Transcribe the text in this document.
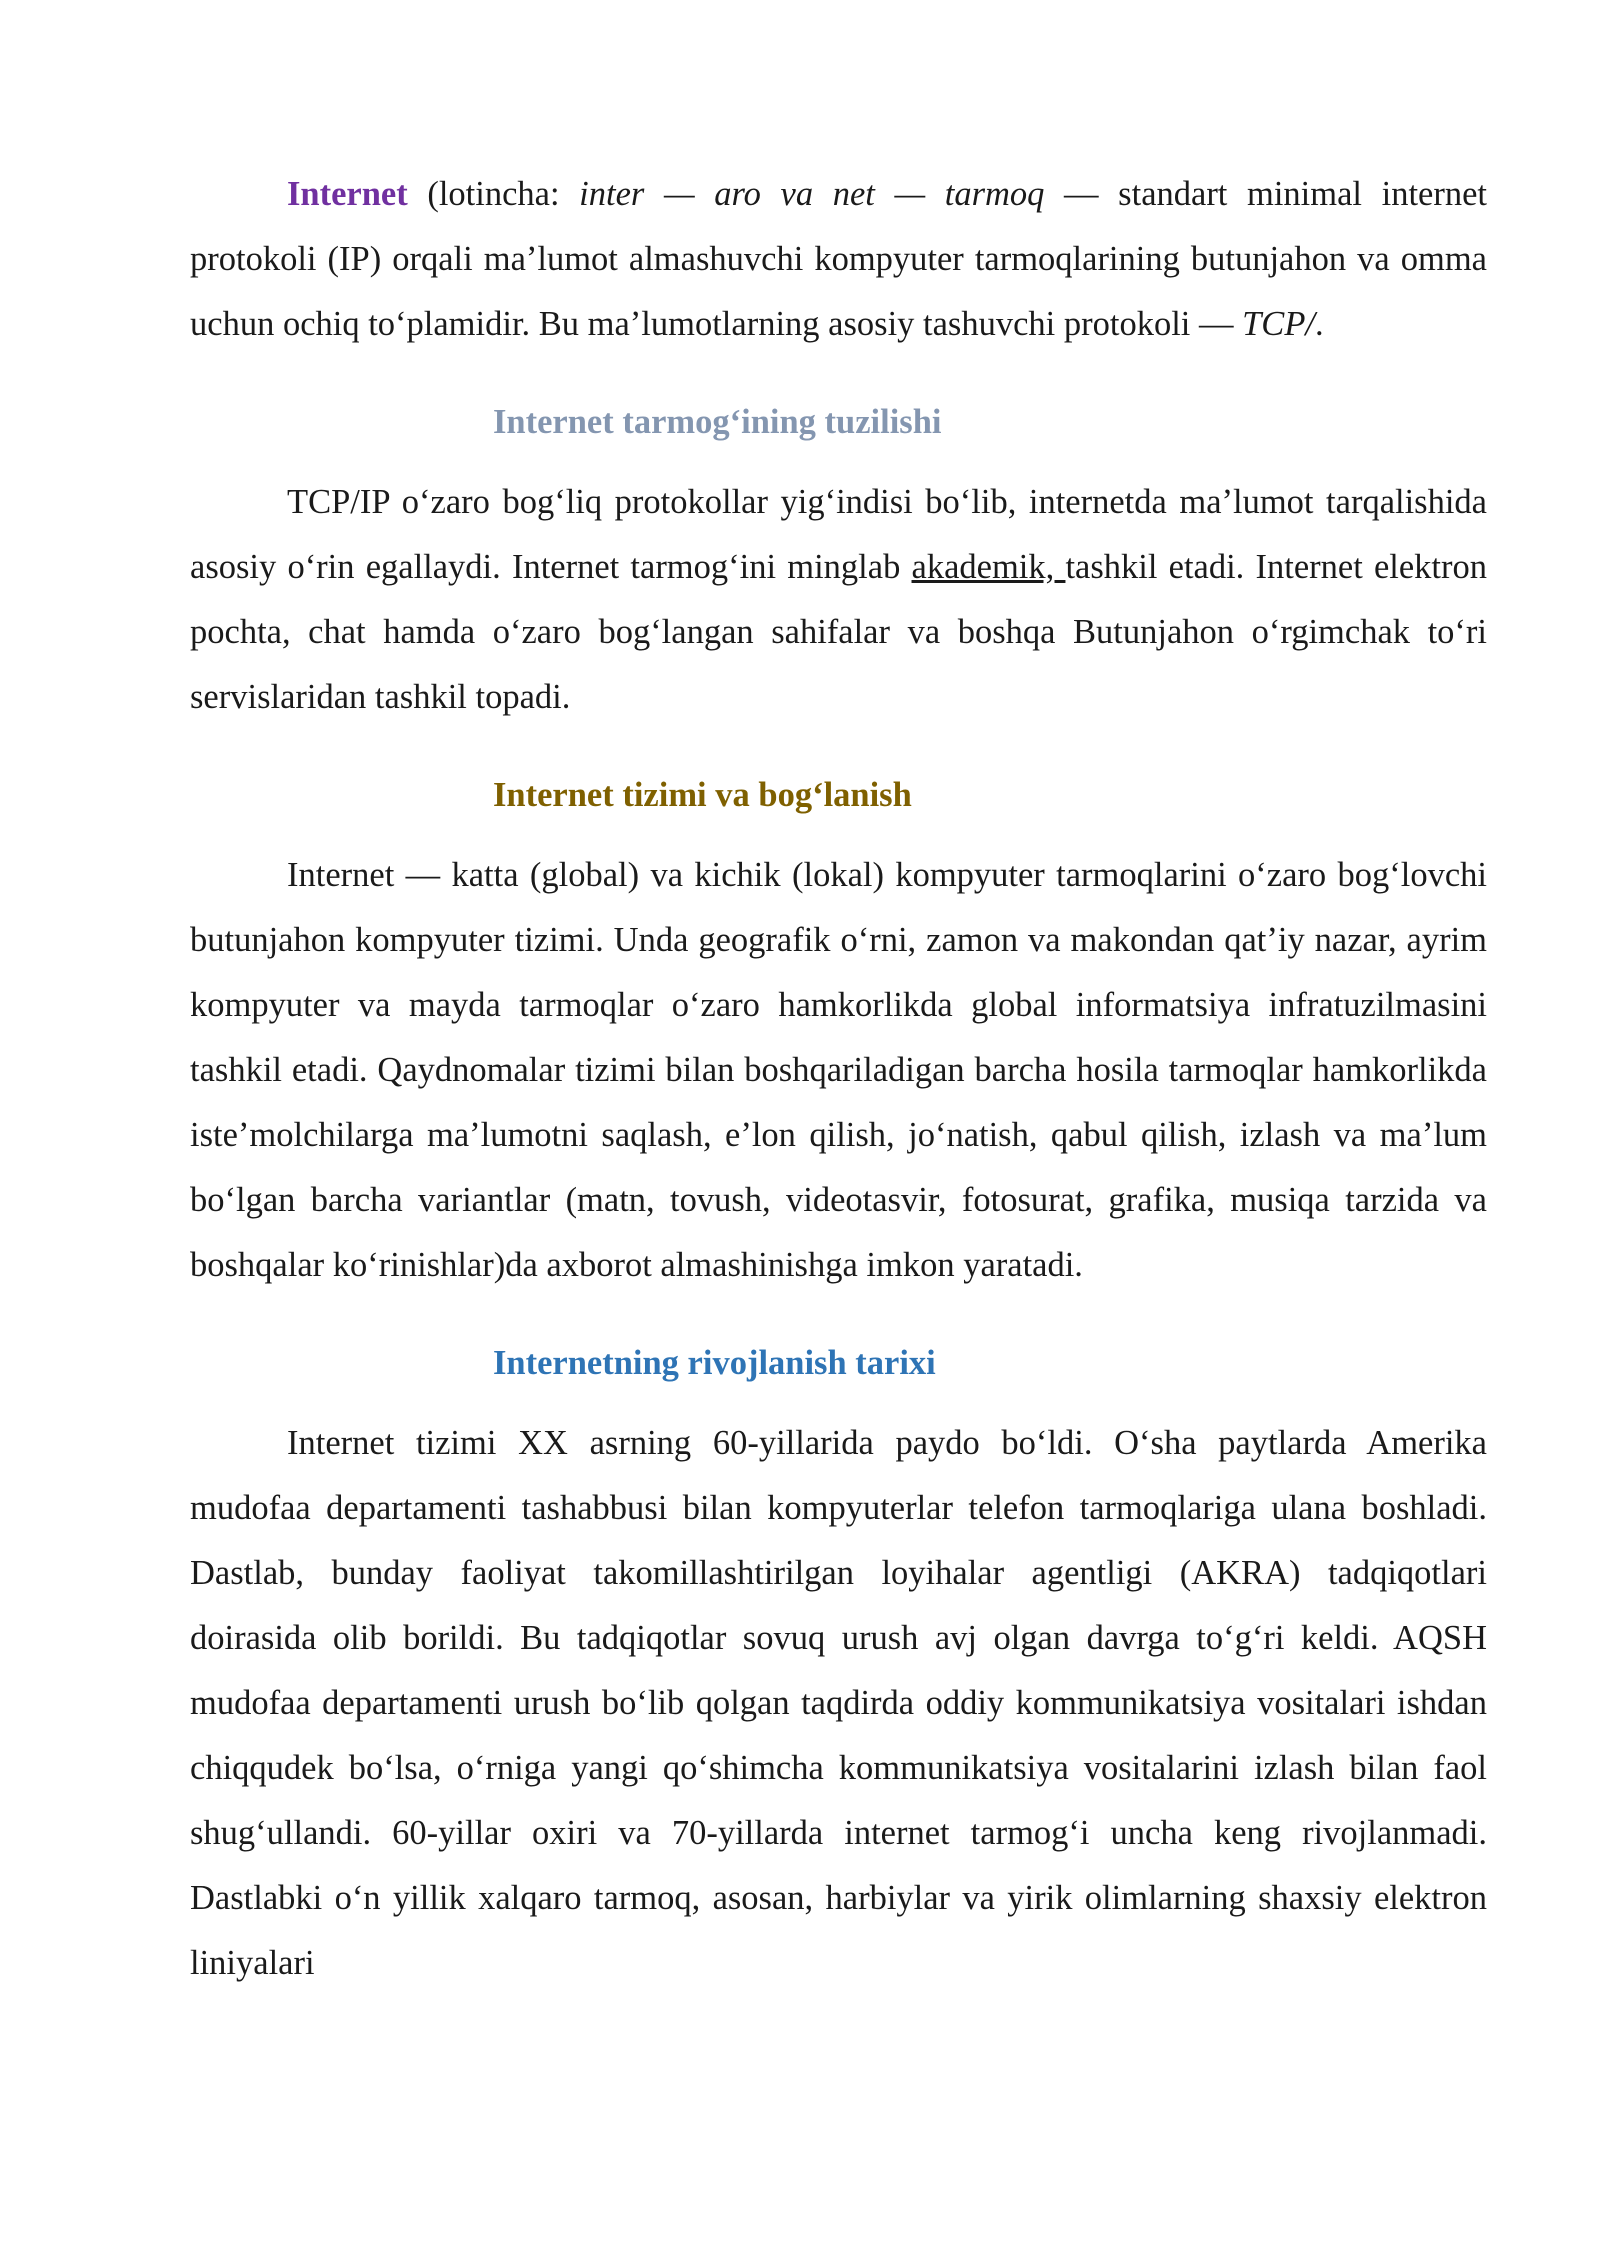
Internet (lotincha: inter — aro va net — tarmoq — standart minimal internet protokoli (IP) orqali maʼlumot almashuvchi kompyuter tarmoqlarining butunjahon va omma uchun ochiq toʻplamidir. Bu maʼlumotlarning asosiy tashuvchi protokoli — TCP/.

Internet tarmogʻining tuzilishi

TCP/IP oʻzaro bogʻliq protokollar yigʻindisi boʻlib, internetda maʼlumot tarqalishida asosiy oʻrin egallaydi. Internet tarmogʻini minglab akademik, tashkil etadi. Internet elektron pochta, chat hamda oʻzaro bogʻlangan sahifalar va boshqa Butunjahon oʻrgimchak toʻri servislaridan tashkil topadi.

Internet tizimi va bogʻlanish

Internet — katta (global) va kichik (lokal) kompyuter tarmoqlarini oʻzaro bogʻlovchi butunjahon kompyuter tizimi. Unda geografik oʻrni, zamon va makondan qatʼiy nazar, ayrim kompyuter va mayda tarmoqlar oʻzaro hamkorlikda global informatsiya infratuzilmasini tashkil etadi. Qaydnomalar tizimi bilan boshqariladigan barcha hosila tarmoqlar hamkorlikda isteʼmolchilarga maʼlumotni saqlash, eʼlon qilish, joʻnatish, qabul qilish, izlash va maʼlum boʻlgan barcha variantlar (matn, tovush, videotasvir, fotosurat, grafika, musiqa tarzida va boshqalar koʻrinishlar)da axborot almashinishga imkon yaratadi.

Internetning rivojlanish tarixi

Internet tizimi XX asrning 60-yillarida paydo boʻldi. Oʻsha paytlarda Amerika mudofaa departamenti tashabbusi bilan kompyuterlar telefon tarmoqlariga ulana boshladi. Dastlab, bunday faoliyat takomillashtirilgan loyihalar agentligi (AKRA) tadqiqotlari doirasida olib borildi. Bu tadqiqotlar sovuq urush avj olgan davrga toʻgʻri keldi. AQSH mudofaa departamenti urush boʻlib qolgan taqdirda oddiy kommunikatsiya vositalari ishdan chiqqudek boʻlsa, oʻrniga yangi qoʻshimcha kommunikatsiya vositalarini izlash bilan faol shugʻullandi. 60-yillar oxiri va 70-yillarda internet tarmogʻi uncha keng rivojlanmadi. Dastlabki oʻn yillik xalqaro tarmoq, asosan, harbiylar va yirik olimlarning shaxsiy elektron liniyalari
